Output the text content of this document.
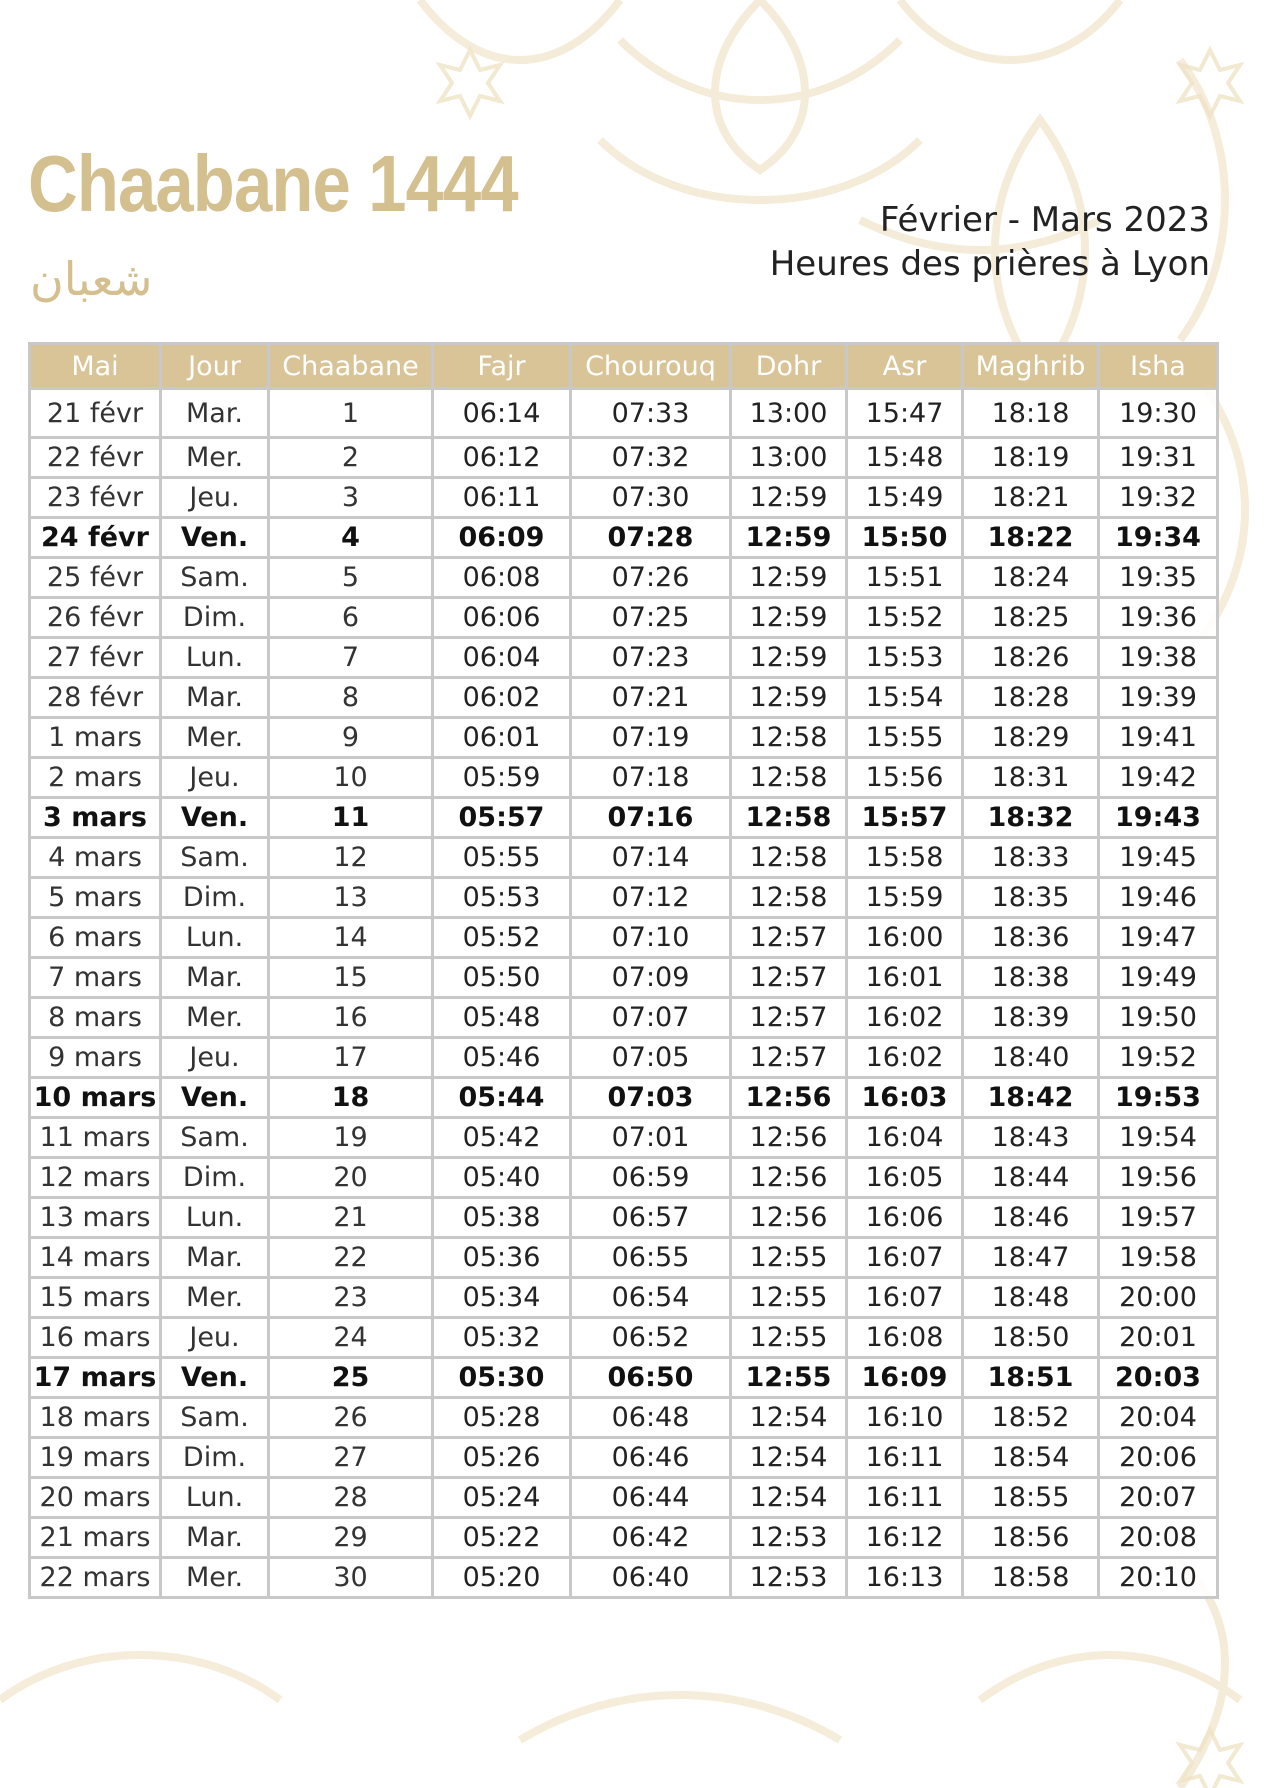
Chaabane 1444
شعبان
Février - Mars 2023
Heures des prières à Lyon
Mai	Jour	Chaabane	Fajr	Chourouq	Dohr	Asr	Maghrib	Isha
21 févr	Mar.	1	06:14	07:33	13:00	15:47	18:18	19:30
22 févr	Mer.	2	06:12	07:32	13:00	15:48	18:19	19:31
23 févr	Jeu.	3	06:11	07:30	12:59	15:49	18:21	19:32
24 févr	Ven.	4	06:09	07:28	12:59	15:50	18:22	19:34
25 févr	Sam.	5	06:08	07:26	12:59	15:51	18:24	19:35
26 févr	Dim.	6	06:06	07:25	12:59	15:52	18:25	19:36
27 févr	Lun.	7	06:04	07:23	12:59	15:53	18:26	19:38
28 févr	Mar.	8	06:02	07:21	12:59	15:54	18:28	19:39
1 mars	Mer.	9	06:01	07:19	12:58	15:55	18:29	19:41
2 mars	Jeu.	10	05:59	07:18	12:58	15:56	18:31	19:42
3 mars	Ven.	11	05:57	07:16	12:58	15:57	18:32	19:43
4 mars	Sam.	12	05:55	07:14	12:58	15:58	18:33	19:45
5 mars	Dim.	13	05:53	07:12	12:58	15:59	18:35	19:46
6 mars	Lun.	14	05:52	07:10	12:57	16:00	18:36	19:47
7 mars	Mar.	15	05:50	07:09	12:57	16:01	18:38	19:49
8 mars	Mer.	16	05:48	07:07	12:57	16:02	18:39	19:50
9 mars	Jeu.	17	05:46	07:05	12:57	16:02	18:40	19:52
10 mars	Ven.	18	05:44	07:03	12:56	16:03	18:42	19:53
11 mars	Sam.	19	05:42	07:01	12:56	16:04	18:43	19:54
12 mars	Dim.	20	05:40	06:59	12:56	16:05	18:44	19:56
13 mars	Lun.	21	05:38	06:57	12:56	16:06	18:46	19:57
14 mars	Mar.	22	05:36	06:55	12:55	16:07	18:47	19:58
15 mars	Mer.	23	05:34	06:54	12:55	16:07	18:48	20:00
16 mars	Jeu.	24	05:32	06:52	12:55	16:08	18:50	20:01
17 mars	Ven.	25	05:30	06:50	12:55	16:09	18:51	20:03
18 mars	Sam.	26	05:28	06:48	12:54	16:10	18:52	20:04
19 mars	Dim.	27	05:26	06:46	12:54	16:11	18:54	20:06
20 mars	Lun.	28	05:24	06:44	12:54	16:11	18:55	20:07
21 mars	Mar.	29	05:22	06:42	12:53	16:12	18:56	20:08
22 mars	Mer.	30	05:20	06:40	12:53	16:13	18:58	20:10
